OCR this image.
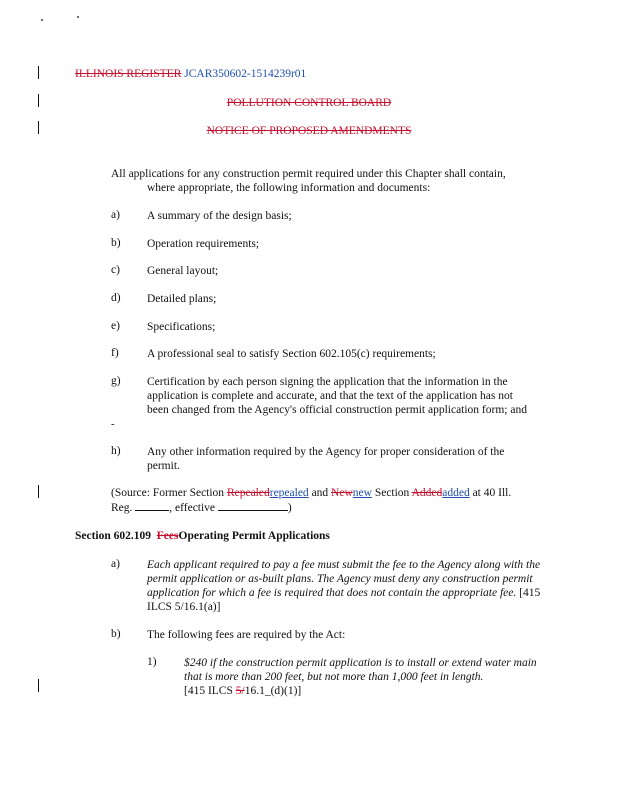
ILLINOIS REGISTER JCAR350602-1514239r01
POLLUTION CONTROL BOARD
NOTICE OF PROPOSED AMENDMENTS
All applications for any construction permit required under this Chapter shall contain,
where appropriate, the following information and documents:
a) A summary of the design basis;
b) Operation requirements;
c) General layout;
d) Detailed plans;
e) Specifications;
f) A professional seal to satisfy Section 602.105(c) requirements;
g) Certification by each person signing the application that the information in the application is complete and accurate, and that the text of the application has not been changed from the Agency's official construction permit application form; and
-
h) Any other information required by the Agency for proper consideration of the permit.
(Source: Former Section Repealedrepealed and Newnew Section Addedadded at 40 Ill.
Reg.	, effective	)
Section 602.109 FeesOperating Permit Applications
a) Each applicant required to pay a fee must submit the fee to the Agency along with the permit application or as-built plans. The Agency must deny any construction permit application for which a fee is required that does not contain the appropriate fee. [415 ILCS 5/16.1(a)]
b) The following fees are required by the Act:
1) $240 if the construction permit application is to install or extend water main that is more than 200 feet, but not more than 1,000 feet in length.
[415 ILCS 5/16.1_(d)(1)]
